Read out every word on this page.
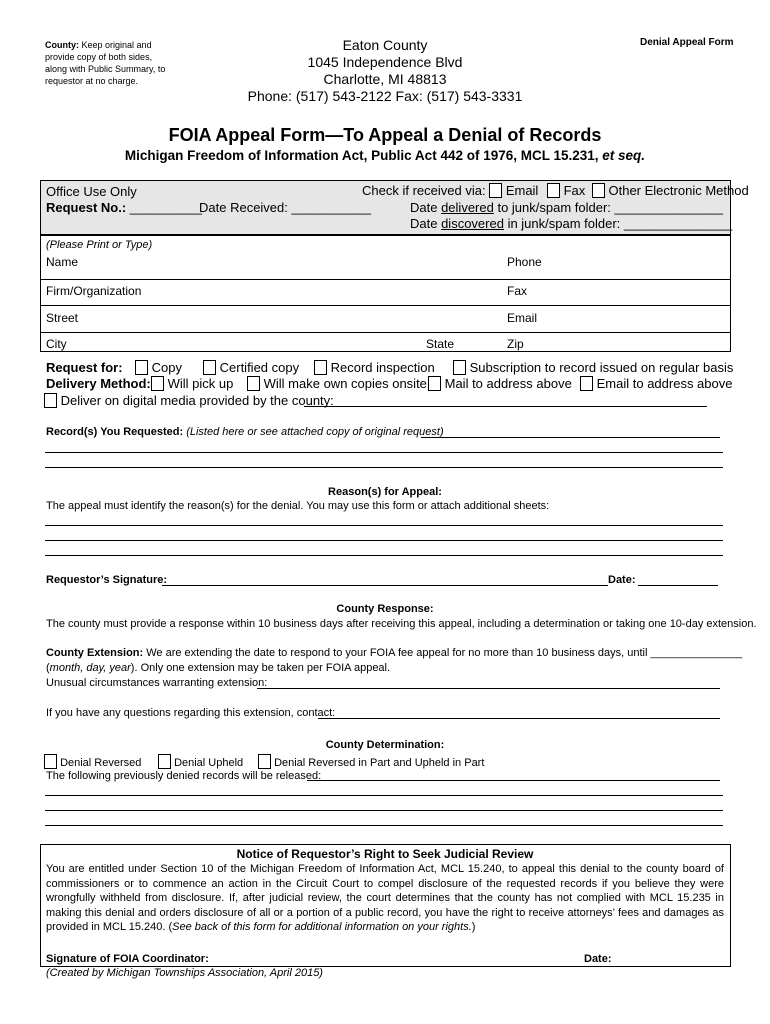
County: Keep original and provide copy of both sides, along with Public Summary, to requestor at no charge.
Denial Appeal Form
Eaton County
1045 Independence Blvd
Charlotte, MI 48813
Phone: (517) 543-2122 Fax: (517) 543-3331
FOIA Appeal Form—To Appeal a Denial of Records
Michigan Freedom of Information Act, Public Act 442 of 1976, MCL 15.231, et seq.
Office Use Only
Request No.: __________
Date Received: ___________
Check if received via: Email Fax Other Electronic Method
Date delivered to junk/spam folder: _______________
Date discovered in junk/spam folder: _______________
(Please Print or Type)
Name	Phone
Firm/Organization	Fax
Street	Email
City	State	Zip
Request for:	Copy	Certified copy	Record inspection	Subscription to record issued on regular basis
Delivery Method:	Will pick up	Will make own copies onsite	Mail to address above	Email to address above
Deliver on digital media provided by the county:
Record(s) You Requested: (Listed here or see attached copy of original request)
Reason(s) for Appeal:
The appeal must identify the reason(s) for the denial. You may use this form or attach additional sheets:
Requestor’s Signature:	Date:
County Response:
The county must provide a response within 10 business days after receiving this appeal, including a determination or taking one 10-day extension.
County Extension: We are extending the date to respond to your FOIA fee appeal for no more than 10 business days, until _______________
(month, day, year). Only one extension may be taken per FOIA appeal.
Unusual circumstances warranting extension:
If you have any questions regarding this extension, contact:
County Determination:
Denial Reversed	Denial Upheld	Denial Reversed in Part and Upheld in Part
The following previously denied records will be released:
Notice of Requestor’s Right to Seek Judicial Review
You are entitled under Section 10 of the Michigan Freedom of Information Act, MCL 15.240, to appeal this denial to the county board of commissioners or to commence an action in the Circuit Court to compel disclosure of the requested records if you believe they were wrongfully withheld from disclosure. If, after judicial review, the court determines that the county has not complied with MCL 15.235 in making this denial and orders disclosure of all or a portion of a public record, you have the right to receive attorneys’ fees and damages as provided in MCL 15.240. (See back of this form for additional information on your rights.)
Signature of FOIA Coordinator:	Date:
(Created by Michigan Townships Association, April 2015)
